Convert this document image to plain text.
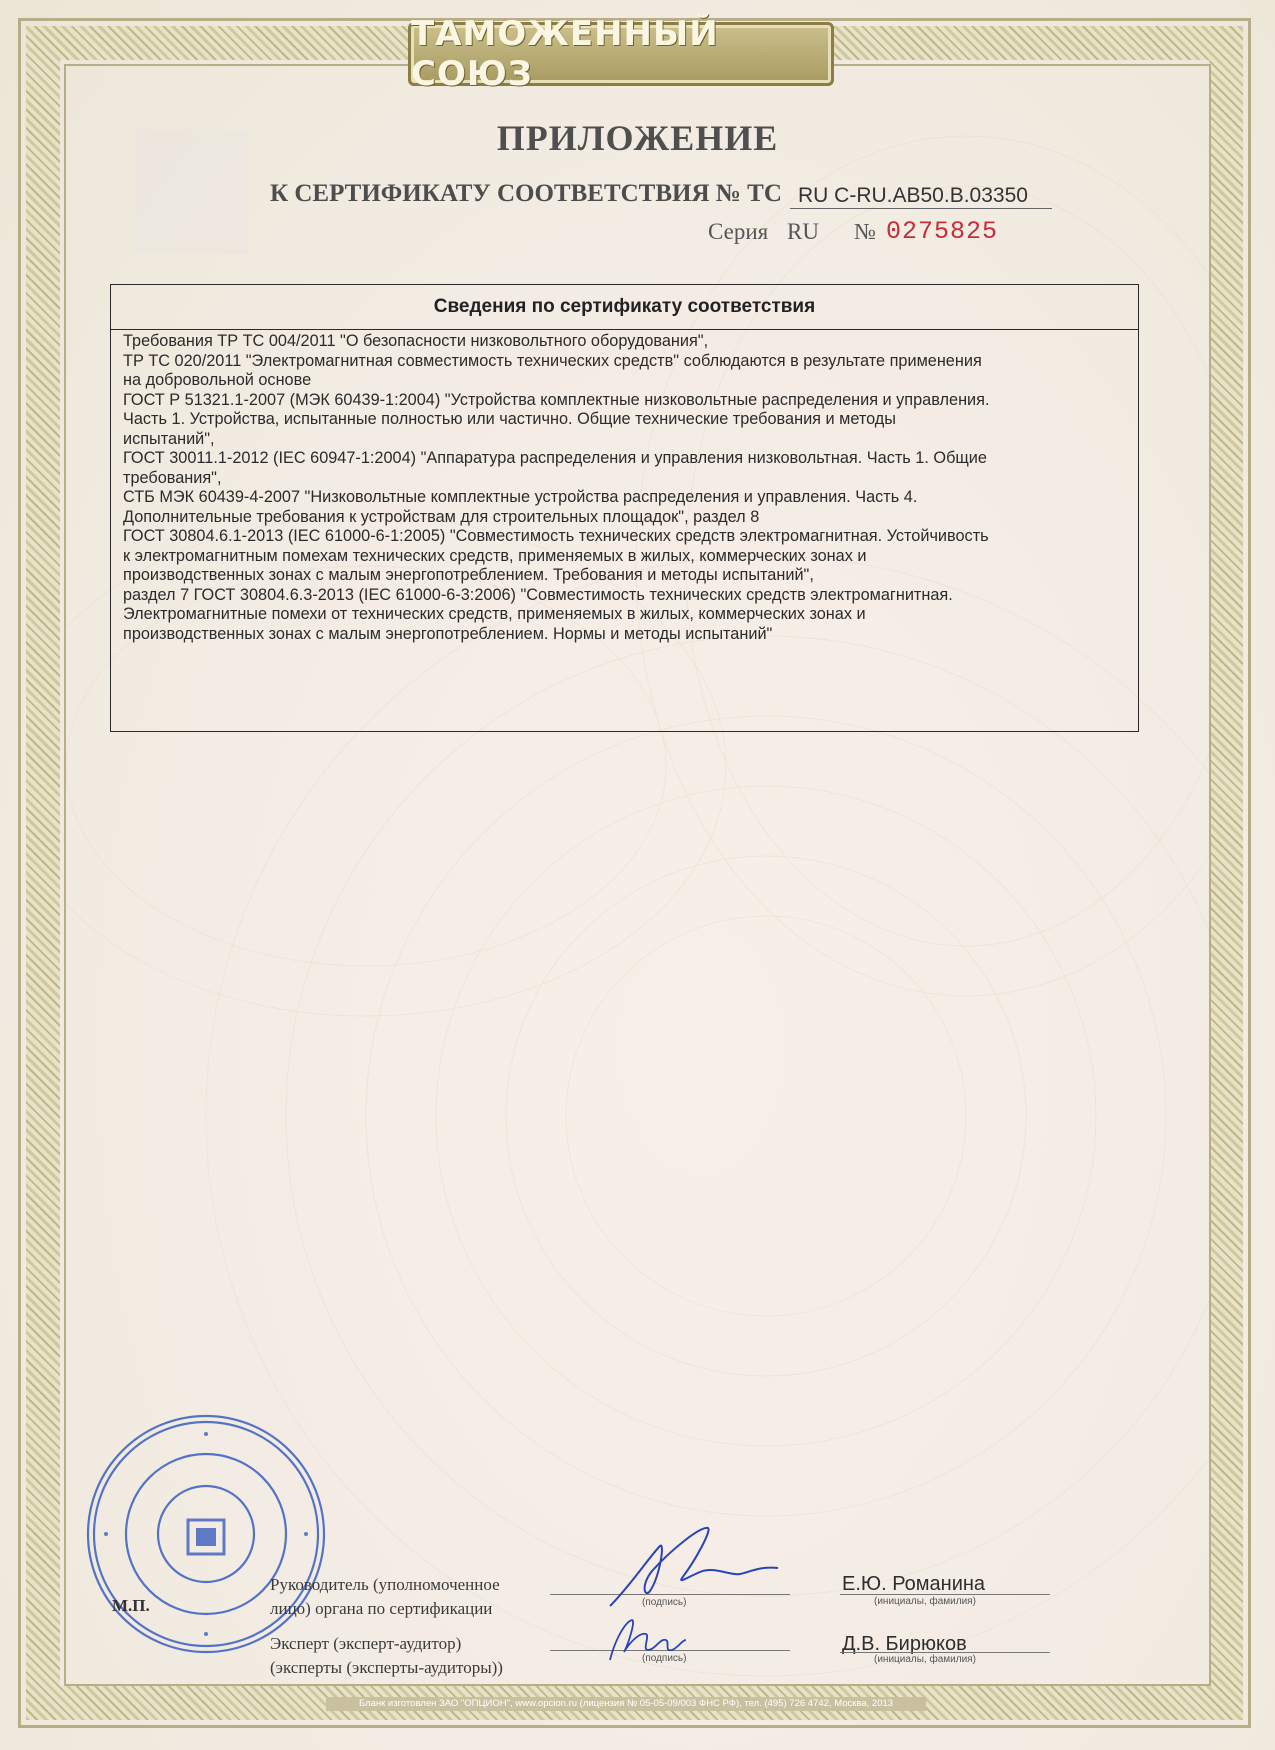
ТАМОЖЕННЫЙ СОЮЗ
ПРИЛОЖЕНИЕ
К СЕРТИФИКАТУ СООТВЕТСТВИЯ № ТС RU C-RU.АВ50.В.03350
Серия RU № 0275825
Сведения по сертификату соответствия

Требования ТР ТС 004/2011 "О безопасности низковольтного оборудования",

ТР ТС 020/2011 "Электромагнитная совместимость технических средств" соблюдаются в результате применения

на добровольной основе

ГОСТ Р 51321.1-2007 (МЭК 60439-1:2004) "Устройства комплектные низковольтные распределения и управления.

Часть 1. Устройства, испытанные полностью или частично. Общие технические требования и методы

испытаний",

ГОСТ 30011.1-2012 (IEC 60947-1:2004) "Аппаратура распределения и управления низковольтная. Часть 1. Общие

требования",

СТБ МЭК 60439-4-2007 "Низковольтные комплектные устройства распределения и управления. Часть 4.

Дополнительные требования к устройствам для строительных площадок", раздел 8

ГОСТ 30804.6.1-2013 (IEC 61000-6-1:2005) "Совместимость технических средств электромагнитная. Устойчивость

к электромагнитным помехам технических средств, применяемых в жилых, коммерческих зонах и

производственных зонах с малым энергопотреблением. Требования и методы испытаний",

раздел 7 ГОСТ 30804.6.3-2013 (IEC 61000-6-3:2006) "Совместимость технических средств электромагнитная.

Электромагнитные помехи от технических средств, применяемых в жилых, коммерческих зонах и

производственных зонах с малым энергопотреблением. Нормы и методы испытаний"

М.П.
Руководитель (уполномоченное
лицо) органа по сертификации	(подпись)
Е.Ю. Романина
(инициалы, фамилия)
Эксперт (эксперт-аудитор)
(эксперты (эксперты-аудиторы))	(подпись)
Д.В. Бирюков
(инициалы, фамилия)
Бланк изготовлен ЗАО "ОПЦИОН", www.opcion.ru (лицензия № 05-05-09/003 ФНС РФ), тел. (495) 726 4742, Москва, 2013
